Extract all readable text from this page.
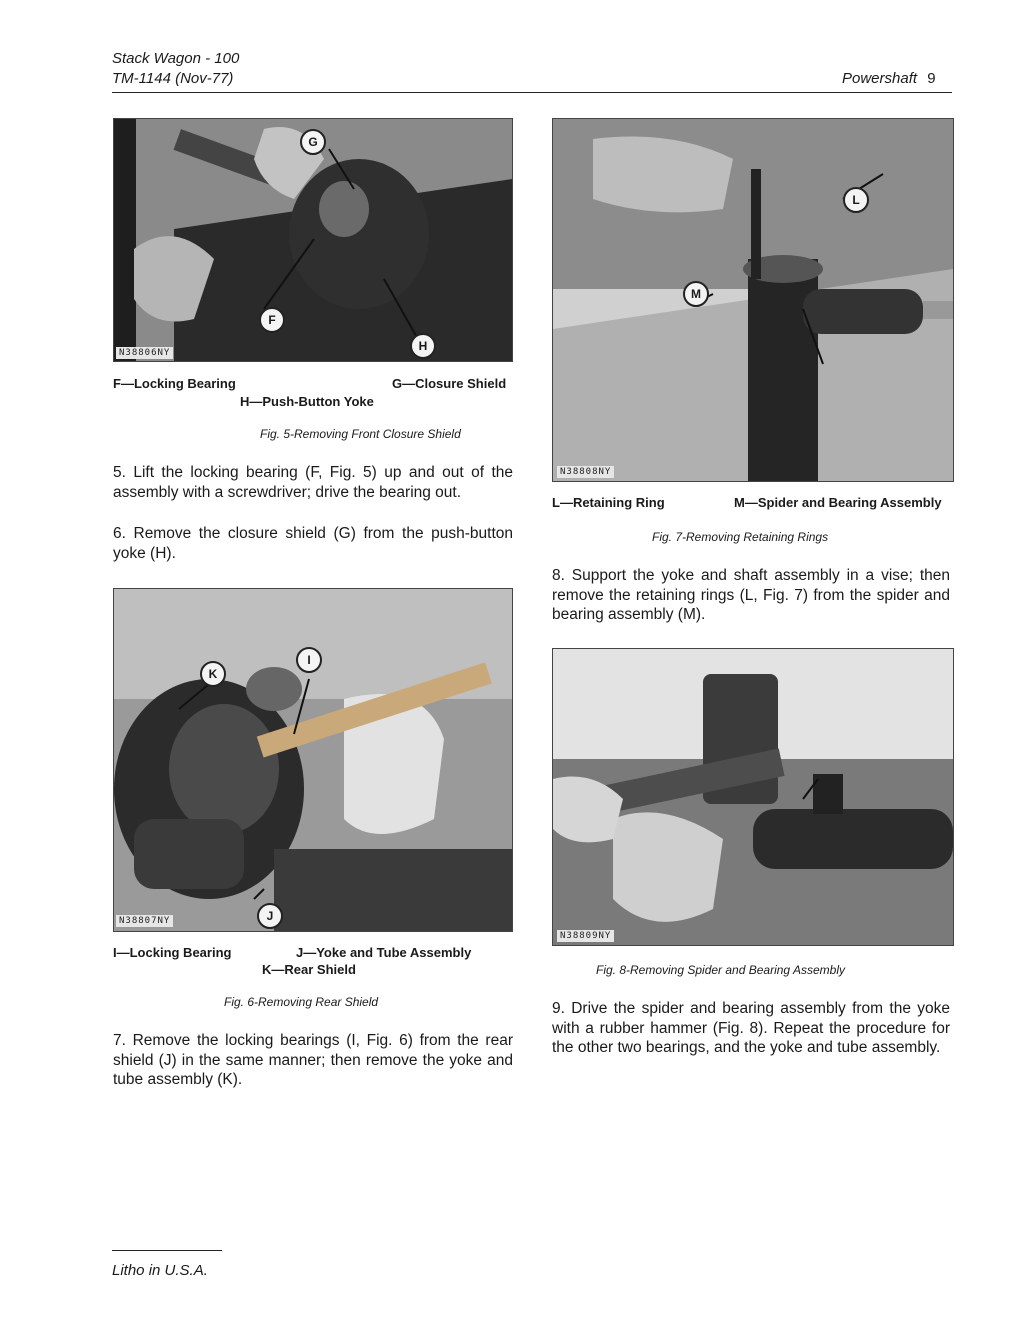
Stack Wagon - 100
TM-1144 (Nov-77)	Powershaft 9
G
F
H
N38806NY
F—Locking Bearing	G—Closure Shield
H—Push-Button Yoke
Fig. 5-Removing Front Closure Shield
5. Lift the locking bearing (F, Fig. 5) up and out of the assembly with a screwdriver; drive the bearing out.
6. Remove the closure shield (G) from the push-button yoke (H).
L
M
N38808NY
L—Retaining Ring	M—Spider and Bearing Assembly
Fig. 7-Removing Retaining Rings
8. Support the yoke and shaft assembly in a vise; then remove the retaining rings (L, Fig. 7) from the spider and bearing assembly (M).
K
I
J
N38807NY
I—Locking Bearing	J—Yoke and Tube Assembly
K—Rear Shield
Fig. 6-Removing Rear Shield
7. Remove the locking bearings (I, Fig. 6) from the rear shield (J) in the same manner; then remove the yoke and tube assembly (K).
N38809NY
Fig. 8-Removing Spider and Bearing Assembly
9. Drive the spider and bearing assembly from the yoke with a rubber hammer (Fig. 8). Repeat the procedure for the other two bearings, and the yoke and tube assembly.
Litho in U.S.A.
